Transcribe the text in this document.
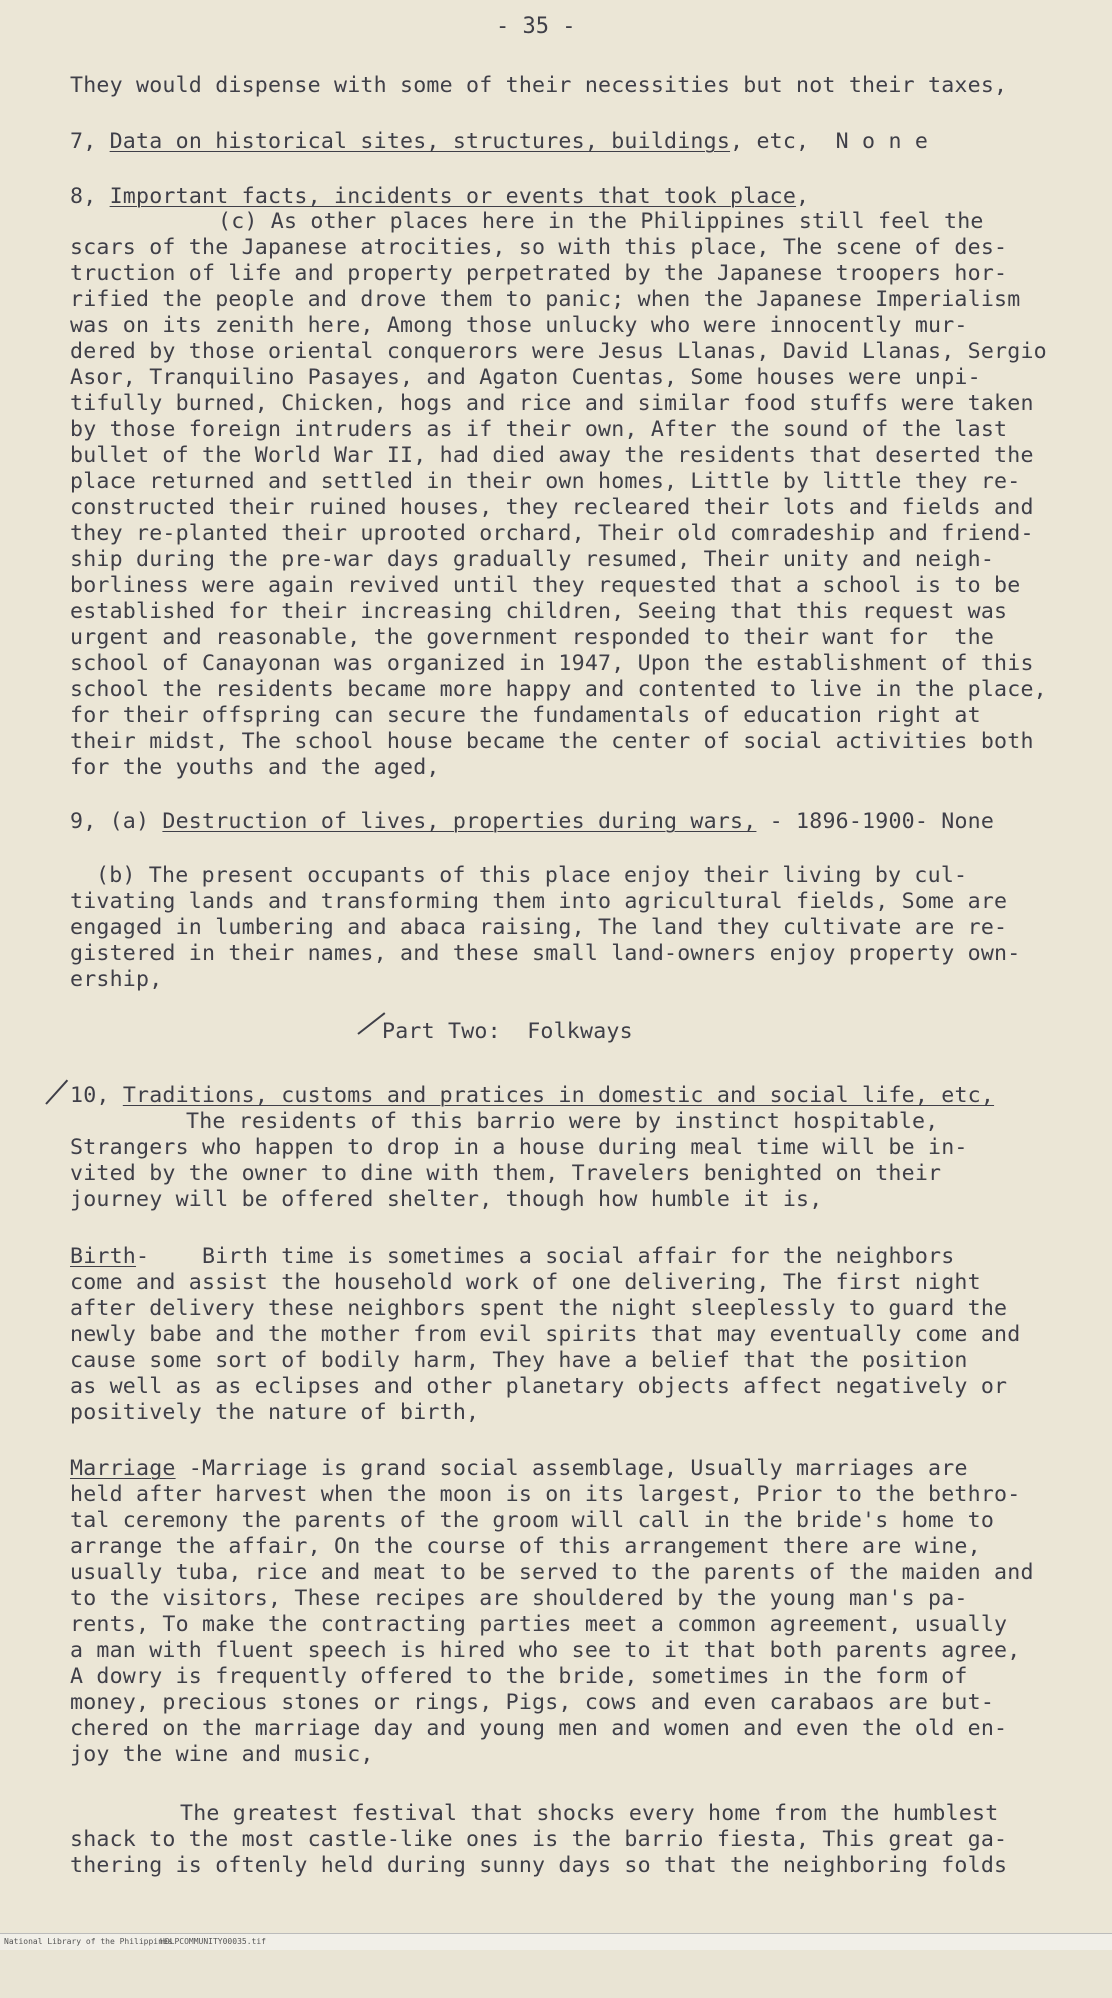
- 35 -
They would dispense with some of their necessities but not their taxes,
7, Data on historical sites, structures, buildings, etc,  N o n e
8, Important facts, incidents or events that took place,
(c) As other places here in the Philippines still feel the
scars of the Japanese atrocities, so with this place, The scene of des-
truction of life and property perpetrated by the Japanese troopers hor-
rified the people and drove them to panic; when the Japanese Imperialism
was on its zenith here, Among those unlucky who were innocently mur-
dered by those oriental conquerors were Jesus Llanas, David Llanas, Sergio
Asor, Tranquilino Pasayes, and Agaton Cuentas, Some houses were unpi-
tifully burned, Chicken, hogs and rice and similar food stuffs were taken
by those foreign intruders as if their own, After the sound of the last
bullet of the World War II, had died away the residents that deserted the
place returned and settled in their own homes, Little by little they re-
constructed their ruined houses, they recleared their lots and fields and
they re-planted their uprooted orchard, Their old comradeship and friend-
ship during the pre-war days gradually resumed, Their unity and neigh-
borliness were again revived until they requested that a school is to be
established for their increasing children, Seeing that this request was
urgent and reasonable, the government responded to their want for  the
school of Canayonan was organized in 1947, Upon the establishment of this
school the residents became more happy and contented to live in the place,
for their offspring can secure the fundamentals of education right at
their midst, The school house became the center of social activities both
for the youths and the aged,
9, (a) Destruction of lives, properties during wars, - 1896-1900- None
(b) The present occupants of this place enjoy their living by cul-
tivating lands and transforming them into agricultural fields, Some are
engaged in lumbering and abaca raising, The land they cultivate are re-
gistered in their names, and these small land-owners enjoy property own-
ership,
Part Two:  Folkways
10, Traditions, customs and pratices in domestic and social life, etc,
The residents of this barrio were by instinct hospitable,
Strangers who happen to drop in a house during meal time will be in-
vited by the owner to dine with them, Travelers benighted on their
journey will be offered shelter, though how humble it is,
Birth-    Birth time is sometimes a social affair for the neighbors
come and assist the household work of one delivering, The first night
after delivery these neighbors spent the night sleeplessly to guard the
newly babe and the mother from evil spirits that may eventually come and
cause some sort of bodily harm, They have a belief that the position
as well as as eclipses and other planetary objects affect negatively or
positively the nature of birth,
Marriage -Marriage is grand social assemblage, Usually marriages are
held after harvest when the moon is on its largest, Prior to the bethro-
tal ceremony the parents of the groom will call in the bride's home to
arrange the affair, On the course of this arrangement there are wine,
usually tuba, rice and meat to be served to the parents of the maiden and
to the visitors, These recipes are shouldered by the young man's pa-
rents, To make the contracting parties meet a common agreement, usually
a man with fluent speech is hired who see to it that both parents agree,
A dowry is frequently offered to the bride, sometimes in the form of
money, precious stones or rings, Pigs, cows and even carabaos are but-
chered on the marriage day and young men and women and even the old en-
joy the wine and music,
The greatest festival that shocks every home from the humblest
shack to the most castle-like ones is the barrio fiesta, This great ga-
thering is oftenly held during sunny days so that the neighboring folds

National Library of the Philippines

HDLPCOMMUNITY00035.tif
